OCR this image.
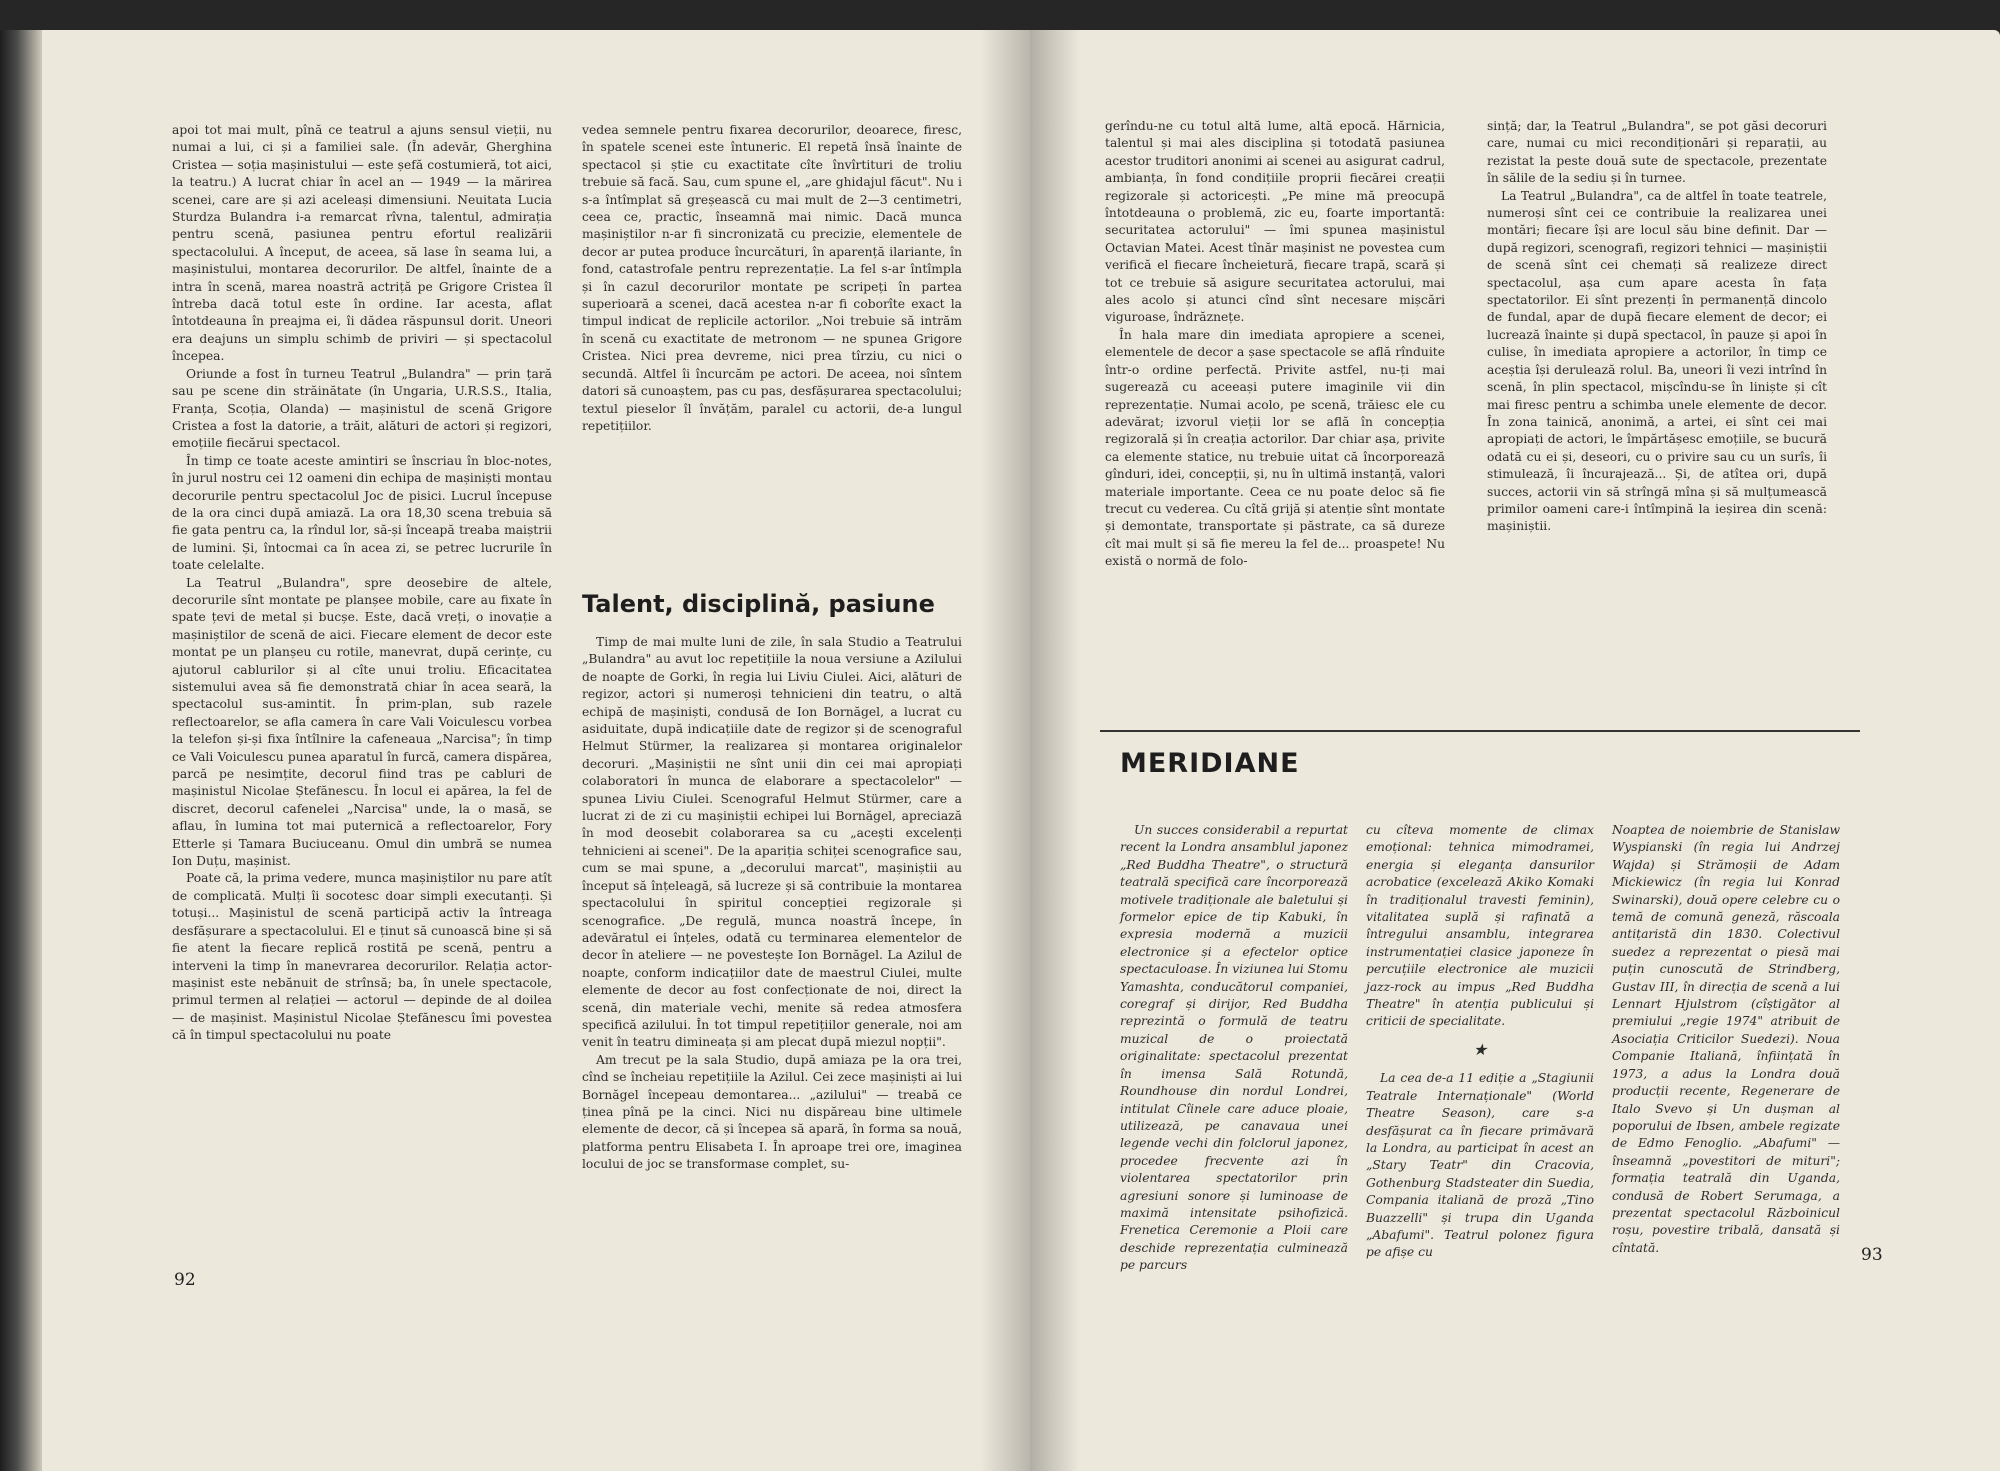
apoi tot mai mult, pînă ce teatrul a ajuns sensul vieții, nu numai a lui, ci și a familiei sale. (În adevăr, Gherghina Cristea — soția mașinistului — este șefă costumieră, tot aici, la teatru.) A lucrat chiar în acel an — 1949 — la mărirea scenei, care are și azi aceleași dimensiuni. Neuitata Lucia Sturdza Bulandra i-a remarcat rîvna, talentul, admirația pentru scenă, pasiunea pentru efortul realizării spectacolului. A început, de aceea, să lase în seama lui, a mașinistului, montarea decorurilor. De altfel, înainte de a intra în scenă, marea noastră actriță pe Grigore Cristea îl întreba dacă totul este în ordine. Iar acesta, aflat întotdeauna în preajma ei, îi dădea răspunsul dorit. Uneori era deajuns un simplu schimb de priviri — și spectacolul începea.

Oriunde a fost în turneu Teatrul „Bulandra" — prin țară sau pe scene din străinătate (în Ungaria, U.R.S.S., Italia, Franța, Scoția, Olanda) — mașinistul de scenă Grigore Cristea a fost la datorie, a trăit, alături de actori și regizori, emoțiile fiecărui spectacol.

În timp ce toate aceste amintiri se înscriau în bloc-notes, în jurul nostru cei 12 oameni din echipa de mașiniști montau decorurile pentru spectacolul Joc de pisici. Lucrul începuse de la ora cinci după amiază. La ora 18,30 scena trebuia să fie gata pentru ca, la rîndul lor, să-și înceapă treaba maiștrii de lumini. Și, întocmai ca în acea zi, se petrec lucrurile în toate celelalte.

La Teatrul „Bulandra", spre deosebire de altele, decorurile sînt montate pe planșee mobile, care au fixate în spate țevi de metal și bucșe. Este, dacă vreți, o inovație a mașiniștilor de scenă de aici. Fiecare element de decor este montat pe un planșeu cu rotile, manevrat, după cerințe, cu ajutorul cablurilor și al cîte unui troliu. Eficacitatea sistemului avea să fie demonstrată chiar în acea seară, la spectacolul sus-amintit. În prim-plan, sub razele reflectoarelor, se afla camera în care Vali Voiculescu vorbea la telefon și-și fixa întîlnire la cafeneaua „Narcisa"; în timp ce Vali Voiculescu punea aparatul în furcă, camera dispărea, parcă pe nesimțite, decorul fiind tras pe cabluri de mașinistul Nicolae Ștefănescu. În locul ei apărea, la fel de discret, decorul cafenelei „Narcisa" unde, la o masă, se aflau, în lumina tot mai puternică a reflectoarelor, Fory Etterle și Tamara Buciuceanu. Omul din umbră se numea Ion Duțu, mașinist.

Poate că, la prima vedere, munca mașiniștilor nu pare atît de complicată. Mulți îi socotesc doar simpli executanți. Și totuși... Mașinistul de scenă participă activ la întreaga desfășurare a spectacolului. El e ținut să cunoască bine și să fie atent la fiecare replică rostită pe scenă, pentru a interveni la timp în manevrarea decorurilor. Relația actor-mașinist este nebănuit de strînsă; ba, în unele spectacole, primul termen al relației — actorul — depinde de al doilea — de mașinist. Mașinistul Nicolae Ștefănescu îmi povestea că în timpul spectacolului nu poate

vedea semnele pentru fixarea decorurilor, deoarece, firesc, în spatele scenei este întuneric. El repetă însă înainte de spectacol și știe cu exactitate cîte învîrtituri de troliu trebuie să facă. Sau, cum spune el, „are ghidajul făcut". Nu i s-a întîmplat să greșească cu mai mult de 2—3 centimetri, ceea ce, practic, înseamnă mai nimic. Dacă munca mașiniștilor n-ar fi sincronizată cu precizie, elementele de decor ar putea produce încurcături, în aparență ilariante, în fond, catastrofale pentru reprezentație. La fel s-ar întîmpla și în cazul decorurilor montate pe scripeți în partea superioară a scenei, dacă acestea n-ar fi coborîte exact la timpul indicat de replicile actorilor. „Noi trebuie să intrăm în scenă cu exactitate de metronom — ne spunea Grigore Cristea. Nici prea devreme, nici prea tîrziu, cu nici o secundă. Altfel îi încurcăm pe actori. De aceea, noi sîntem datori să cunoaștem, pas cu pas, desfășurarea spectacolului; textul pieselor îl învățăm, paralel cu actorii, de-a lungul repetițiilor.

Talent, disciplină, pasiune

Timp de mai multe luni de zile, în sala Studio a Teatrului „Bulandra" au avut loc repetițiile la noua versiune a Azilului de noapte de Gorki, în regia lui Liviu Ciulei. Aici, alături de regizor, actori și numeroși tehnicieni din teatru, o altă echipă de mașiniști, condusă de Ion Bornăgel, a lucrat cu asiduitate, după indicațiile date de regizor și de scenograful Helmut Stürmer, la realizarea și montarea originalelor decoruri. „Mașiniștii ne sînt unii din cei mai apropiați colaboratori în munca de elaborare a spectacolelor" — spunea Liviu Ciulei. Scenograful Helmut Stürmer, care a lucrat zi de zi cu mașiniștii echipei lui Bornăgel, apreciază în mod deosebit colaborarea sa cu „acești excelenți tehnicieni ai scenei". De la apariția schiței scenografice sau, cum se mai spune, a „decorului marcat", mașiniștii au început să înțeleagă, să lucreze și să contribuie la montarea spectacolului în spiritul concepției regizorale și scenografice. „De regulă, munca noastră începe, în adevăratul ei înțeles, odată cu terminarea elementelor de decor în ateliere — ne povestește Ion Bornăgel. La Azilul de noapte, conform indicațiilor date de maestrul Ciulei, multe elemente de decor au fost confecționate de noi, direct la scenă, din materiale vechi, menite să redea atmosfera specifică azilului. În tot timpul repetițiilor generale, noi am venit în teatru dimineața și am plecat după miezul nopții".

Am trecut pe la sala Studio, după amiaza pe la ora trei, cînd se încheiau repetițiile la Azilul. Cei zece mașiniști ai lui Bornăgel începeau demontarea... „azilului" — treabă ce ținea pînă pe la cinci. Nici nu dispăreau bine ultimele elemente de decor, că și începea să apară, în forma sa nouă, platforma pentru Elisabeta I. În aproape trei ore, imaginea locului de joc se transformase complet, su-

92

gerîndu-ne cu totul altă lume, altă epocă. Hărnicia, talentul și mai ales disciplina și totodată pasiunea acestor truditori anonimi ai scenei au asigurat cadrul, ambianța, în fond condițiile proprii fiecărei creații regizorale și actoricești. „Pe mine mă preocupă întotdeauna o problemă, zic eu, foarte importantă: securitatea actorului" — îmi spunea mașinistul Octavian Matei. Acest tînăr mașinist ne povestea cum verifică el fiecare încheietură, fiecare trapă, scară și tot ce trebuie să asigure securitatea actorului, mai ales acolo și atunci cînd sînt necesare mișcări viguroase, îndrăznețe.

În hala mare din imediata apropiere a scenei, elementele de decor a șase spectacole se află rînduite într-o ordine perfectă. Privite astfel, nu-ți mai sugerează cu aceeași putere imaginile vii din reprezentație. Numai acolo, pe scenă, trăiesc ele cu adevărat; izvorul vieții lor se află în concepția regizorală și în creația actorilor. Dar chiar așa, privite ca elemente statice, nu trebuie uitat că încorporează gînduri, idei, concepții, și, nu în ultimă instanță, valori materiale importante. Ceea ce nu poate deloc să fie trecut cu vederea. Cu cîtă grijă și atenție sînt montate și demontate, transportate și păstrate, ca să dureze cît mai mult și să fie mereu la fel de... proaspete! Nu există o normă de folo-

sință; dar, la Teatrul „Bulandra", se pot găsi decoruri care, numai cu mici recondiționări și reparații, au rezistat la peste două sute de spectacole, prezentate în sălile de la sediu și în turnee.

La Teatrul „Bulandra", ca de altfel în toate teatrele, numeroși sînt cei ce contribuie la realizarea unei montări; fiecare își are locul său bine definit. Dar — după regizori, scenografi, regizori tehnici — mașiniștii de scenă sînt cei chemați să realizeze direct spectacolul, așa cum apare acesta în fața spectatorilor. Ei sînt prezenți în permanență dincolo de fundal, apar de după fiecare element de decor; ei lucrează înainte și după spectacol, în pauze și apoi în culise, în imediata apropiere a actorilor, în timp ce aceștia își derulează rolul. Ba, uneori îi vezi intrînd în scenă, în plin spectacol, mișcîndu-se în liniște și cît mai firesc pentru a schimba unele elemente de decor. În zona tainică, anonimă, a artei, ei sînt cei mai apropiați de actori, le împărtășesc emoțiile, se bucură odată cu ei și, deseori, cu o privire sau cu un surîs, îi stimulează, îi încurajează... Și, de atîtea ori, după succes, actorii vin să strîngă mîna și să mulțumească primilor oameni care-i întîmpină la ieșirea din scenă: mașiniștii.

MERIDIANE

Un succes considerabil a repurtat recent la Londra ansamblul japonez „Red Buddha Theatre", o structură teatrală specifică care încorporează motivele tradiționale ale baletului și formelor epice de tip Kabuki, în expresia modernă a muzicii electronice și a efectelor optice spectaculoase. În viziunea lui Stomu Yamashta, conducătorul companiei, coregraf și dirijor, Red Buddha reprezintă o formulă de teatru muzical de o proiectată originalitate: spectacolul prezentat în imensa Sală Rotundă, Roundhouse din nordul Londrei, intitulat Cîinele care aduce ploaie, utilizează, pe canavaua unei legende vechi din folclorul japonez, procedee frecvente azi în violentarea spectatorilor prin agresiuni sonore și luminoase de maximă intensitate psihofizică. Frenetica Ceremonie a Ploii care deschide reprezentația culminează pe parcurs

cu cîteva momente de climax emoțional: tehnica mimodramei, energia și eleganța dansurilor acrobatice (excelează Akiko Komaki în tradiționalul travesti feminin), vitalitatea suplă și rafinată a întregului ansamblu, integrarea instrumentației clasice japoneze în percuțiile electronice ale muzicii jazz-rock au impus „Red Buddha Theatre" în atenția publicului și criticii de specialitate.

★

La cea de-a 11 ediție a „Stagiunii Teatrale Internaționale" (World Theatre Season), care s-a desfășurat ca în fiecare primăvară la Londra, au participat în acest an „Stary Teatr" din Cracovia, Gothenburg Stadsteater din Suedia, Compania italiană de proză „Tino Buazzelli" și trupa din Uganda „Abafumi". Teatrul polonez figura pe afișe cu

Noaptea de noiembrie de Stanislaw Wyspianski (în regia lui Andrzej Wajda) și Strămoșii de Adam Mickiewicz (în regia lui Konrad Swinarski), două opere celebre cu o temă de comună geneză, răscoala antițaristă din 1830. Colectivul suedez a reprezentat o piesă mai puțin cunoscută de Strindberg, Gustav III, în direcția de scenă a lui Lennart Hjulstrom (cîștigător al premiului „regie 1974" atribuit de Asociația Criticilor Suedezi). Noua Companie Italiană, înființată în 1973, a adus la Londra două producții recente, Regenerare de Italo Svevo și Un dușman al poporului de Ibsen, ambele regizate de Edmo Fenoglio. „Abafumi" — înseamnă „povestitori de mituri"; formația teatrală din Uganda, condusă de Robert Serumaga, a prezentat spectacolul Războinicul roșu, povestire tribală, dansată și cîntată.	93
